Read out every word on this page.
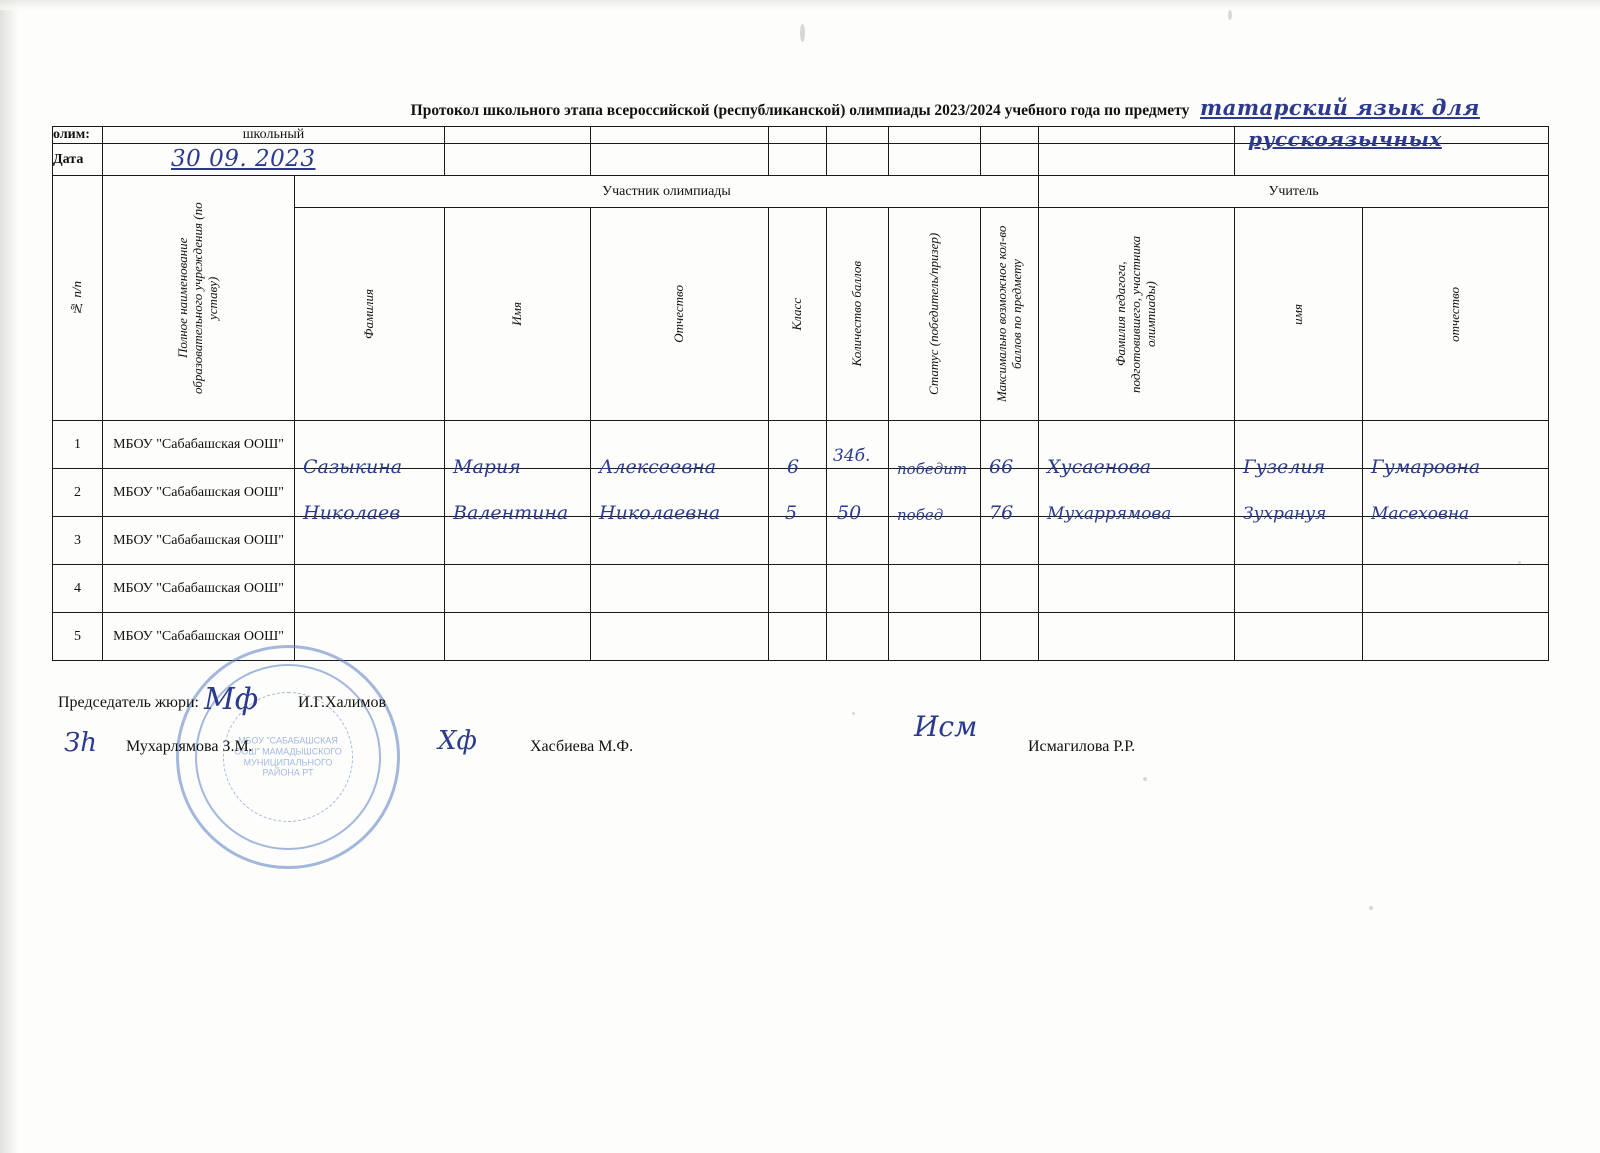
Протокол школьного этапа всероссийской (республиканской) олимпиады 2023/2024 учебного года по предмету татарский язык для
русскоязычных
олим:	школьный										
Дата	30 09. 2023										

№ п/п	Полное наименование образовательного учреждения (по уставу)	Участник олимпиады							Учитель		

		Фамилия	Имя	Отчество	Класс	Количество баллов	Статус (победитель/призер)	Максимально возможное кол-во баллов по предмету	Фамилия педагога, подготовившего, участника олимпиады)	имя	отчество

1	МБОУ "Сабабашская ООШ"	Сазыкина	Мария	Алексеевна	6	34б.	победит	66	Хусаенова	Гузелия	Гумаровна

2	МБОУ "Сабабашская ООШ"	Николаев	Валентина	Николаевна	5	50	побед	76	Мухаррямова	Зухрануя	Масеховна

3	МБОУ "Сабабашская ООШ"										
4	МБОУ "Сабабашская ООШ"										
5	МБОУ "Сабабашская ООШ"										
МБОУ "САБАБАШСКАЯ ООШ" МАМАДЫШСКОГО МУНИЦИПАЛЬНОГО РАЙОНА РТ
Председатель жюри: Мф И.Г.Халимов
Зh Мухарлямова З.М.	Хф	Хасбиева М.Ф.
Исм
Исмагилова Р.Р.
